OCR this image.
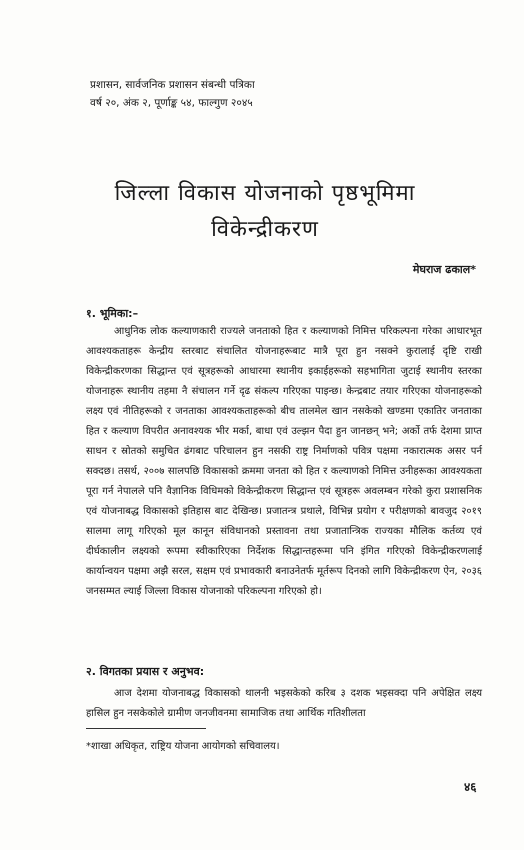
प्रशासन, सार्वजनिक प्रशासन संबन्धी पत्रिका
वर्ष २०, अंक २, पूर्णाङ्क ५४, फाल्गुण २०४५
जिल्ला विकास योजनाको पृष्ठभूमिमा
विकेन्द्रीकरण
मेघराज ढकाल*
१. भूमिका:–

आधुनिक लोक कल्याणकारी राज्यले जनताको हित र कल्याणको निमित्त परिकल्पना गरेका आधारभूत आवश्यकताहरू केन्द्रीय स्तरबाट संचालित योजनाहरूबाट मात्रै पूरा हुन नसक्ने कुरालाई दृष्टि राखी विकेन्द्रीकरणका सिद्धान्त एवं सूत्रहरूको आधारमा स्थानीय इकाईहरूको सहभागिता जुटाई स्थानीय स्तरका योजनाहरू स्थानीय तहमा नै संचालन गर्ने दृढ संकल्प गरिएका पाइन्छ। केन्द्रबाट तयार गरिएका योजनाहरूको लक्ष्य एवं नीतिहरूको र जनताका आवश्यकताहरूको बीच तालमेल खान नसकेको खण्डमा एकातिर जनताका हित र कल्याण विपरीत अनावश्यक भीर मर्का, बाधा एवं उल्झन पैदा हुन जानछन् भने; अर्को तर्फ देशमा प्राप्त साधन र स्रोतको समुचित ढंगबाट परिचालन हुन नसकी राष्ट्र निर्माणको पवित्र पक्षमा नकारात्मक असर पर्न सक्दछ। तसर्थ, २००७ सालपछि विकासको क्रममा जनता को हित र कल्याणको निमित्त उनीहरूका आवश्यकता पूरा गर्न नेपालले पनि वैज्ञानिक विधिमको विकेन्द्रीकरण सिद्धान्त एवं सूत्रहरू अवलम्बन गरेको कुरा प्रशासनिक एवं योजनाबद्ध विकासको इतिहास बाट देखिन्छ। प्रजातन्त्र प्रथाले, विभिन्न प्रयोग र परीक्षणको बावजुद २०१९ सालमा लागू गरिएको मूल कानून संविधानको प्रस्तावना तथा प्रजातान्त्रिक राज्यका मौलिक कर्तव्य एवं दीर्घकालीन लक्ष्यको रूपमा स्वीकारिएका निर्देशक सिद्धान्तहरूमा पनि इंगित गरिएको विकेन्द्रीकरणलाई कार्यान्वयन पक्षमा अझै सरल, सक्षम एवं प्रभावकारी बनाउनेतर्फ मूर्तरूप दिनको लागि विकेन्द्रीकरण ऐन, २०३६ जनसम्मत ल्याई जिल्ला विकास योजनाको परिकल्पना गरिएको हो।

२. विगतका प्रयास र अनुभव:

आज देशमा योजनाबद्ध विकासको थालनी भइसकेको करिब ३ दशक भइसक्दा पनि अपेक्षित लक्ष्य हासिल हुन नसकेकोले ग्रामीण जनजीवनमा सामाजिक तथा आर्थिक गतिशीलता

*शाखा अधिकृत, राष्ट्रिय योजना आयोगको सचिवालय।
४६
